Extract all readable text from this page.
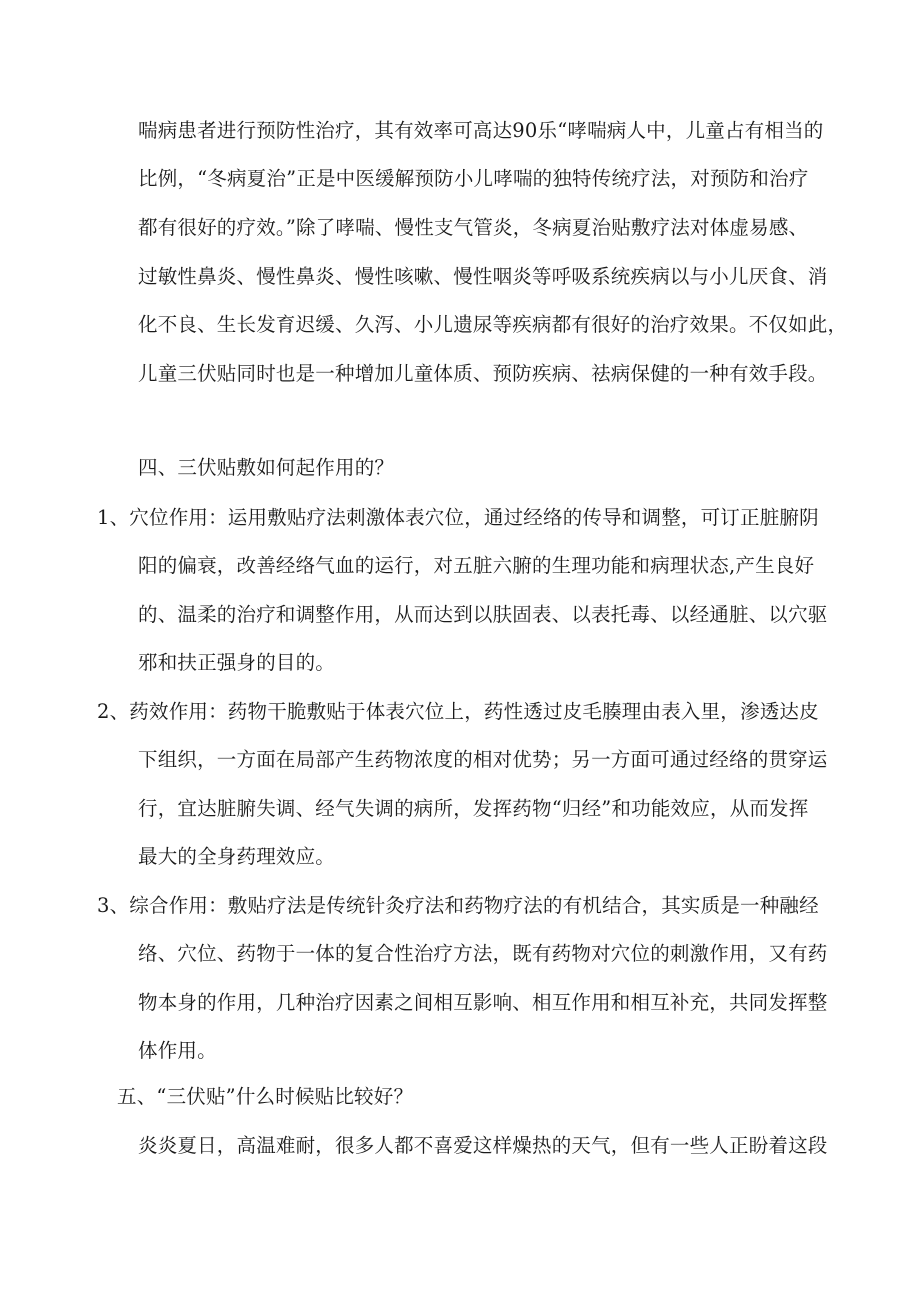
喘病患者进行预防性治疗，其有效率可高达90乐“哮喘病人中，儿童占有相当的
比例，“冬病夏治”正是中医缓解预防小儿哮喘的独特传统疗法，对预防和治疗
都有很好的疗效。”除了哮喘、慢性支气管炎，冬病夏治贴敷疗法对体虚易感、
过敏性鼻炎、慢性鼻炎、慢性咳嗽、慢性咽炎等呼吸系统疾病以与小儿厌食、消
化不良、生长发育迟缓、久泻、小儿遗尿等疾病都有很好的治疗效果。不仅如此，
儿童三伏贴同时也是一种增加儿童体质、预防疾病、祛病保健的一种有效手段。
四、三伏贴敷如何起作用的？
1、穴位作用：运用敷贴疗法刺激体表穴位，通过经络的传导和调整，可订正脏腑阴
阳的偏衰，改善经络气血的运行，对五脏六腑的生理功能和病理状态,产生良好
的、温柔的治疗和调整作用，从而达到以肤固表、以表托毒、以经通脏、以穴驱
邪和扶正强身的目的。
2、药效作用：药物干脆敷贴于体表穴位上，药性透过皮毛腠理由表入里，渗透达皮
下组织，一方面在局部产生药物浓度的相对优势；另一方面可通过经络的贯穿运
行，宜达脏腑失调、经气失调的病所，发挥药物“归经”和功能效应，从而发挥
最大的全身药理效应。
3、综合作用：敷贴疗法是传统针灸疗法和药物疗法的有机结合，其实质是一种融经
络、穴位、药物于一体的复合性治疗方法，既有药物对穴位的刺激作用，又有药
物本身的作用，几种治疗因素之间相互影响、相互作用和相互补充，共同发挥整
体作用。
五、“三伏贴”什么时候贴比较好？
炎炎夏日，高温难耐，很多人都不喜爱这样燥热的天气，但有一些人正盼着这段
